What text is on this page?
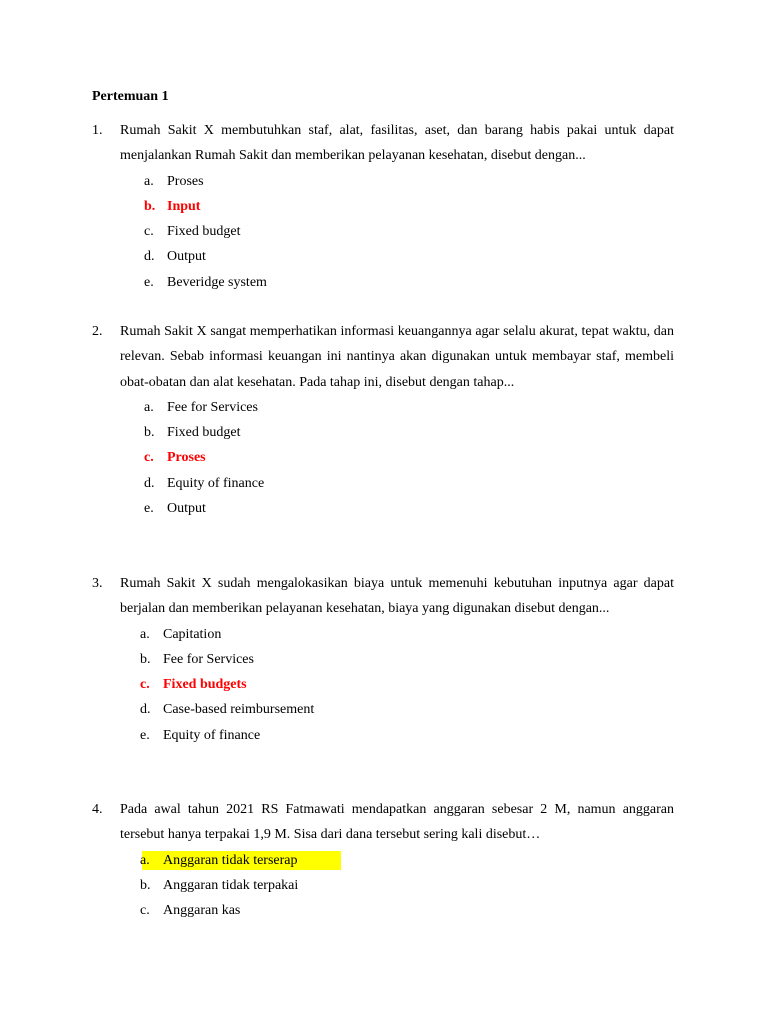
Pertemuan 1
1. Rumah Sakit X membutuhkan staf, alat, fasilitas, aset, dan barang habis pakai untuk dapat menjalankan Rumah Sakit dan memberikan pelayanan kesehatan, disebut dengan...
a. Proses
b. Input
c. Fixed budget
d. Output
e. Beveridge system
2. Rumah Sakit X sangat memperhatikan informasi keuangannya agar selalu akurat, tepat waktu, dan relevan. Sebab informasi keuangan ini nantinya akan digunakan untuk membayar staf, membeli obat-obatan dan alat kesehatan. Pada tahap ini, disebut dengan tahap...
a. Fee for Services
b. Fixed budget
c. Proses
d. Equity of finance
e. Output
3. Rumah Sakit X sudah mengalokasikan biaya untuk memenuhi kebutuhan inputnya agar dapat berjalan dan memberikan pelayanan kesehatan, biaya yang digunakan disebut dengan...
a. Capitation
b. Fee for Services
c. Fixed budgets
d. Case-based reimbursement
e. Equity of finance
4. Pada awal tahun 2021 RS Fatmawati mendapatkan anggaran sebesar 2 M, namun anggaran tersebut hanya terpakai 1,9 M. Sisa dari dana tersebut sering kali disebut…
a. Anggaran tidak terserap
b. Anggaran tidak terpakai
c. Anggaran kas
